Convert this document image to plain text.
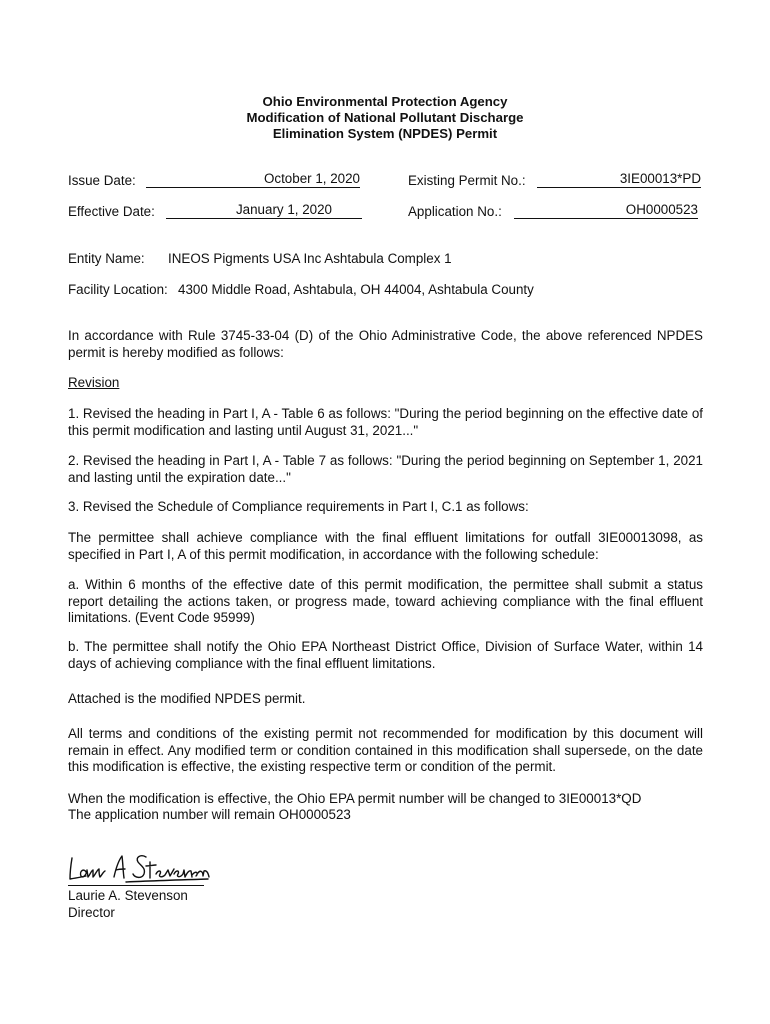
Ohio Environmental Protection Agency
Modification of National Pollutant Discharge
Elimination System (NPDES) Permit
Issue Date:	October 1, 2020	Existing Permit No.:	3IE00013*PD
Effective Date:	January 1, 2020	Application No.:	OH0000523
Entity Name: INEOS Pigments USA Inc Ashtabula Complex 1
Facility Location: 4300 Middle Road, Ashtabula, OH 44004, Ashtabula County
In accordance with Rule 3745-33-04 (D) of the Ohio Administrative Code, the above referenced NPDES permit is hereby modified as follows:
Revision
1. Revised the heading in Part I, A - Table 6 as follows: "During the period beginning on the effective date of this permit modification and lasting until August 31, 2021..."
2. Revised the heading in Part I, A - Table 7 as follows: "During the period beginning on September 1, 2021 and lasting until the expiration date..."
3. Revised the Schedule of Compliance requirements in Part I, C.1 as follows:
The permittee shall achieve compliance with the final effluent limitations for outfall 3IE00013098, as specified in Part I, A of this permit modification, in accordance with the following schedule:
a. Within 6 months of the effective date of this permit modification, the permittee shall submit a status report detailing the actions taken, or progress made, toward achieving compliance with the final effluent limitations. (Event Code 95999)
b. The permittee shall notify the Ohio EPA Northeast District Office, Division of Surface Water, within 14 days of achieving compliance with the final effluent limitations.
Attached is the modified NPDES permit.
All terms and conditions of the existing permit not recommended for modification by this document will remain in effect. Any modified term or condition contained in this modification shall supersede, on the date this modification is effective, the existing respective term or condition of the permit.
When the modification is effective, the Ohio EPA permit number will be changed to 3IE00013*QD
The application number will remain OH0000523
Laurie A. Stevenson
Director
